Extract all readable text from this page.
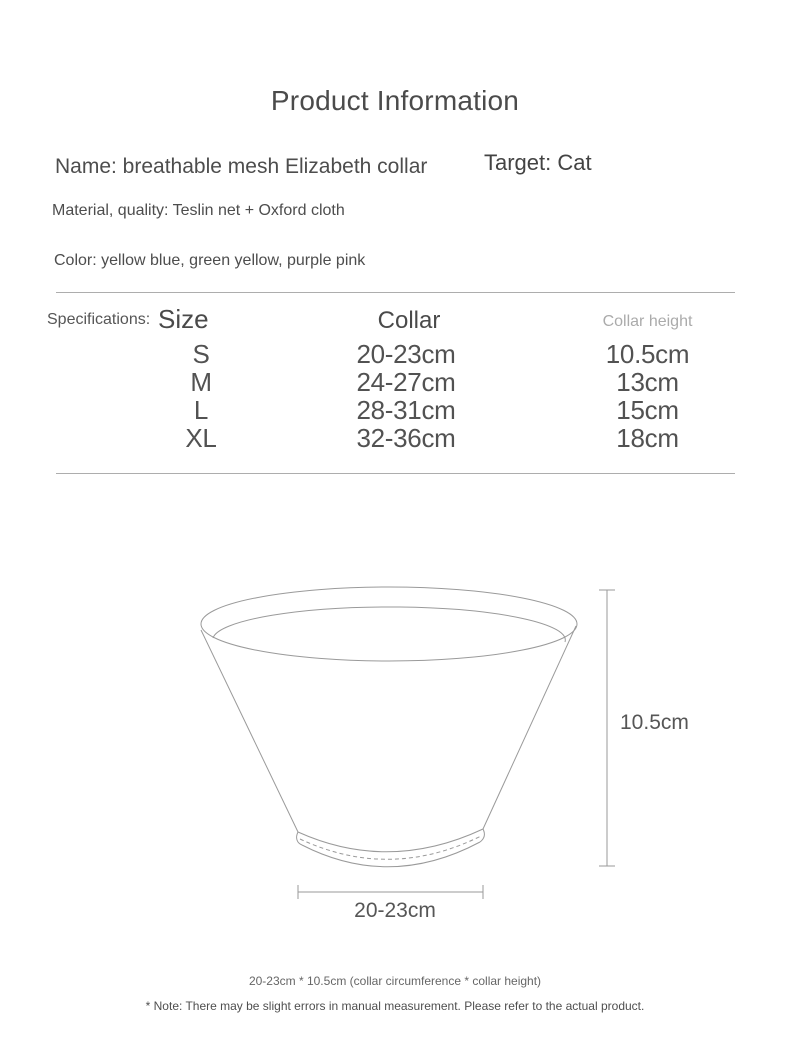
Product Information
Name: breathable mesh Elizabeth collar	Target: Cat
Material, quality: Teslin net + Oxford cloth
Color: yellow blue, green yellow, purple pink
Specifications: Size	Collar	Collar height
S	20-23cm	10.5cm
M	24-27cm	13cm
L	28-31cm	15cm
XL	32-36cm	18cm
10.5cm
20-23cm
20-23cm * 10.5cm (collar circumference * collar height)
* Note: There may be slight errors in manual measurement. Please refer to the actual product.
